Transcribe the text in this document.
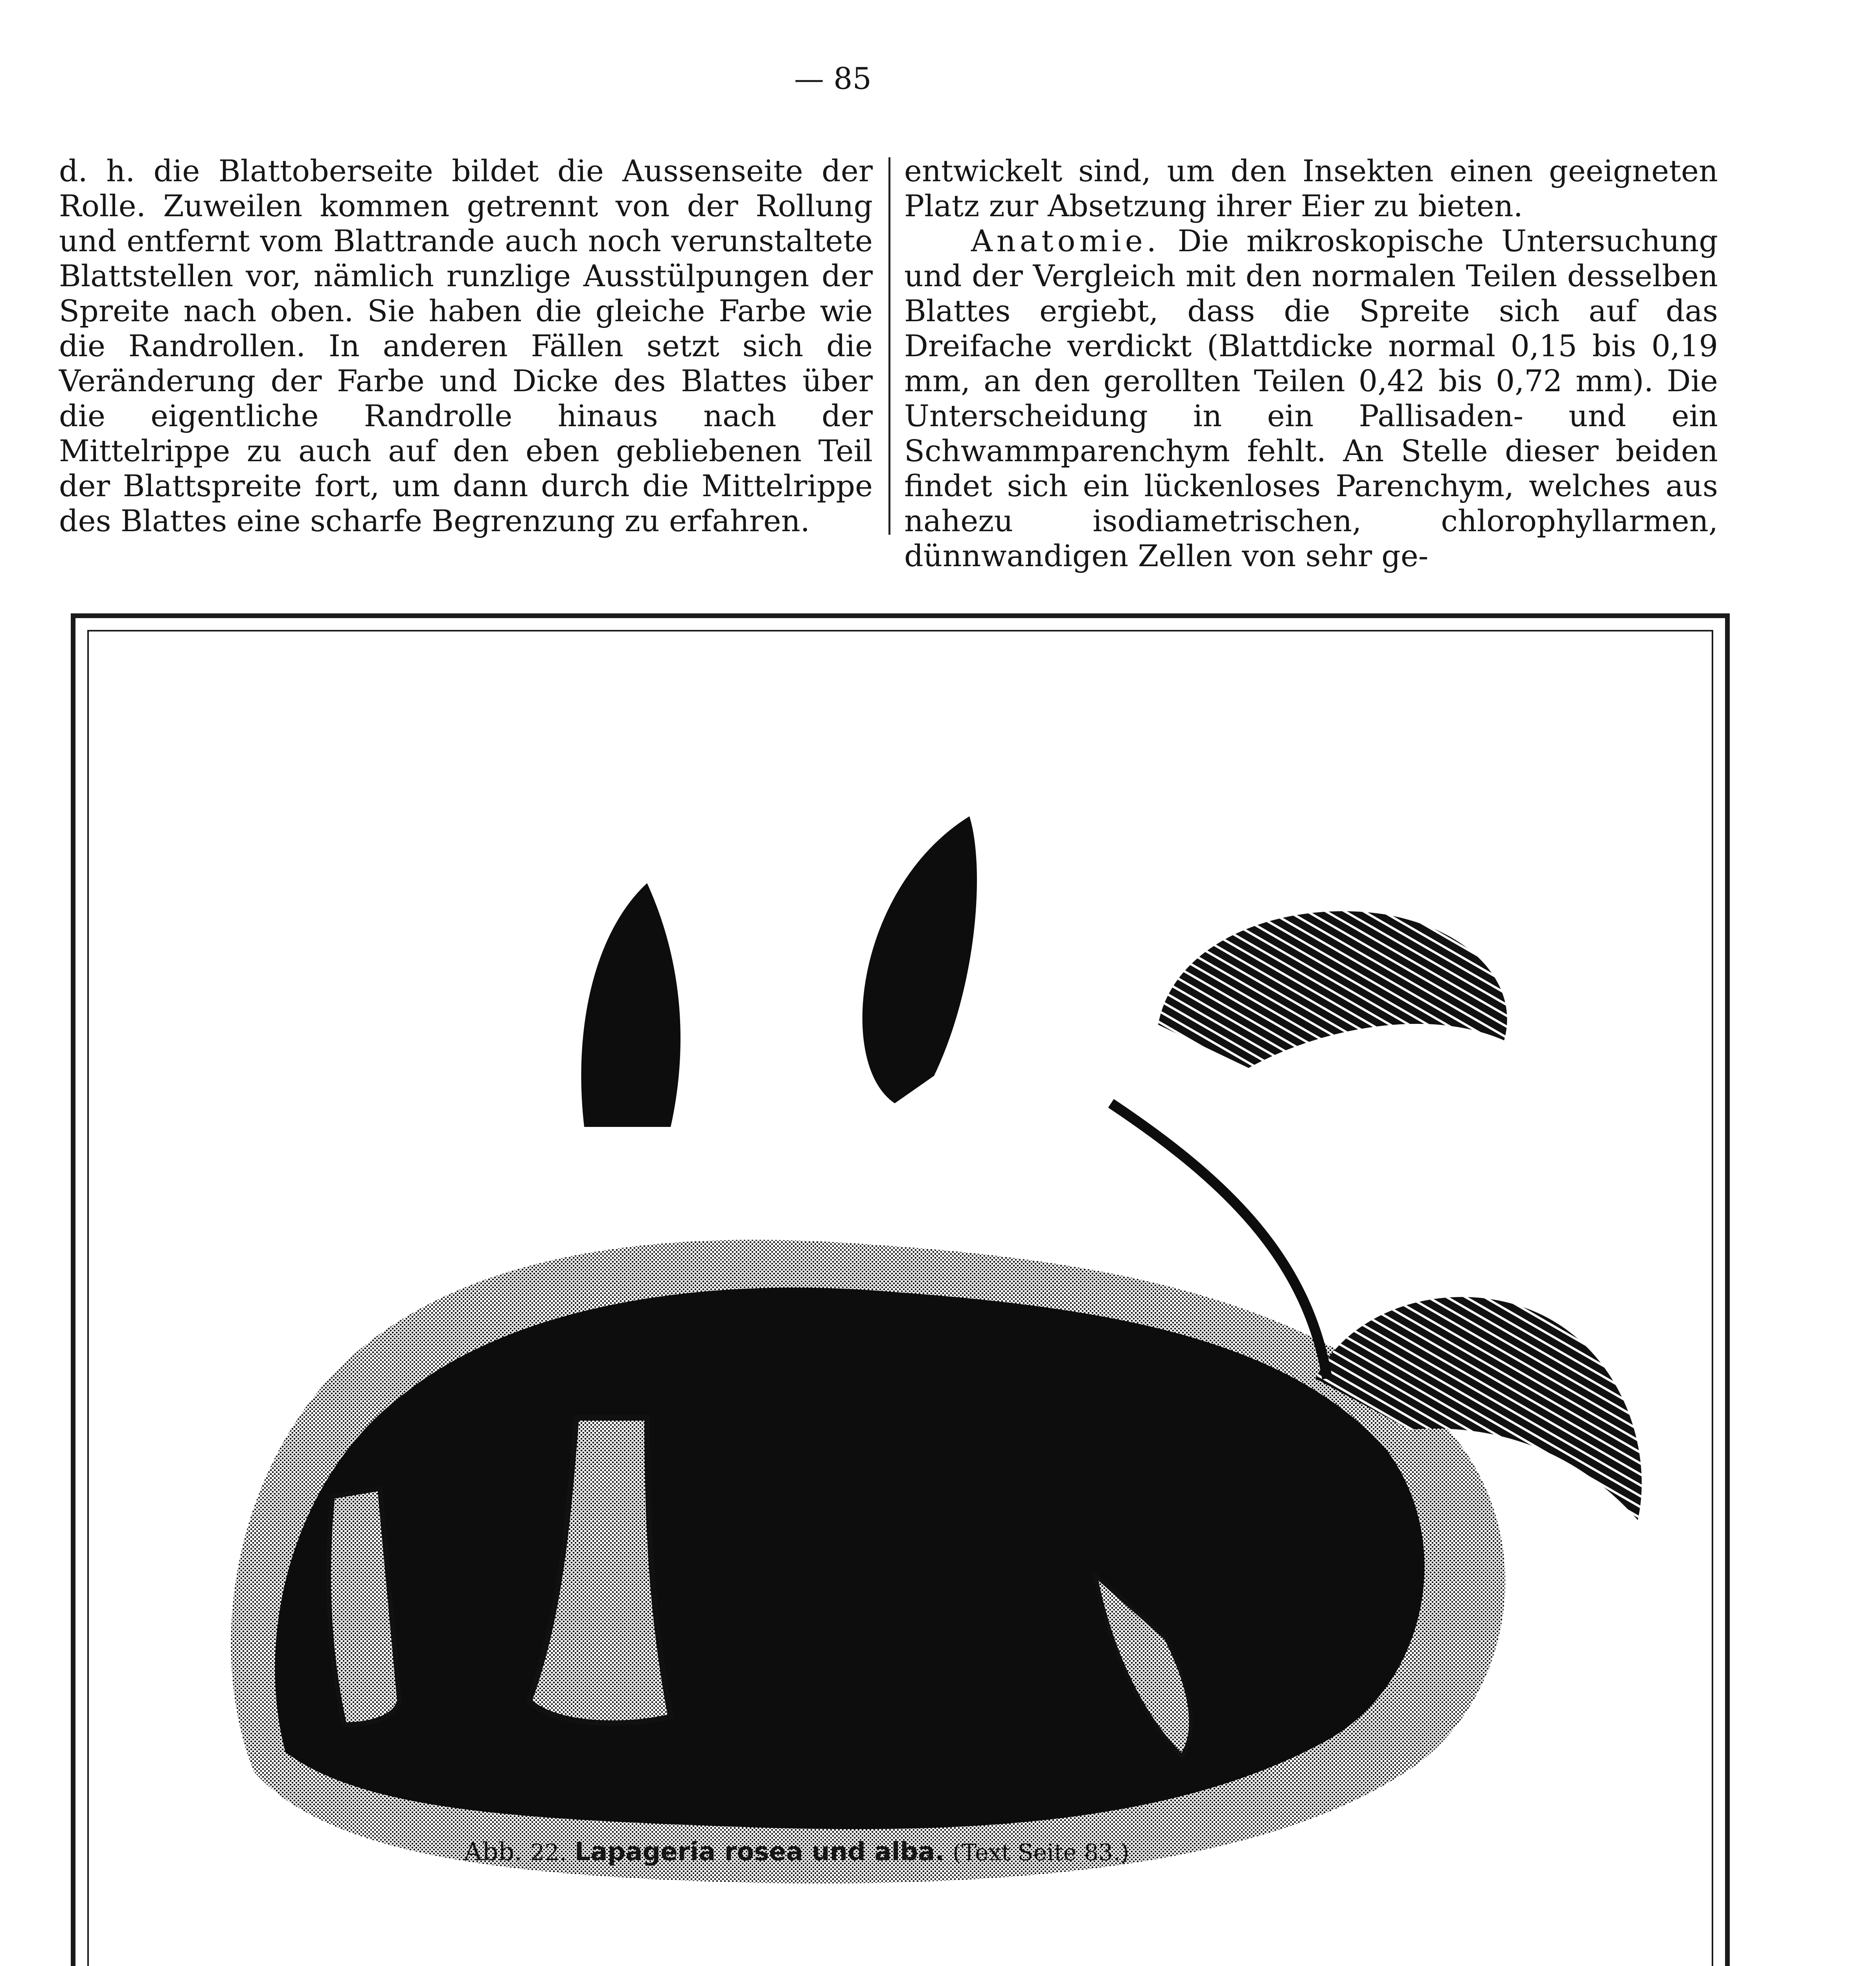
— 85

d. h. die Blattoberseite bildet die Aussenseite der Rolle. Zuweilen kommen getrennt von der Rollung und entfernt vom Blattrande auch noch verunstaltete Blattstellen vor, nämlich runzlige Ausstülpungen der Spreite nach oben. Sie haben die gleiche Farbe wie die Randrollen. In anderen Fällen setzt sich die Veränderung der Farbe und Dicke des Blattes über die eigentliche Randrolle hinaus nach der Mittelrippe zu auch auf den eben gebliebenen Teil der Blattspreite fort, um dann durch die Mittelrippe des Blattes eine scharfe Begrenzung zu erfahren.

entwickelt sind, um den Insekten einen geeigneten Platz zur Absetzung ihrer Eier zu bieten.

Anatomie. Die mikroskopische Untersuchung und der Vergleich mit den normalen Teilen desselben Blattes ergiebt, dass die Spreite sich auf das Dreifache verdickt (Blattdicke normal 0,15 bis 0,19 mm, an den gerollten Teilen 0,42 bis 0,72 mm). Die Unterscheidung in ein Pallisaden- und ein Schwammparenchym fehlt. An Stelle dieser beiden findet sich ein lückenloses Parenchym, welches aus nahezu isodiametrischen, chlorophyllarmen, dünnwandigen Zellen von sehr ge-

Abb. 22. Lapageria rosea und alba. (Text Seite 83.)
